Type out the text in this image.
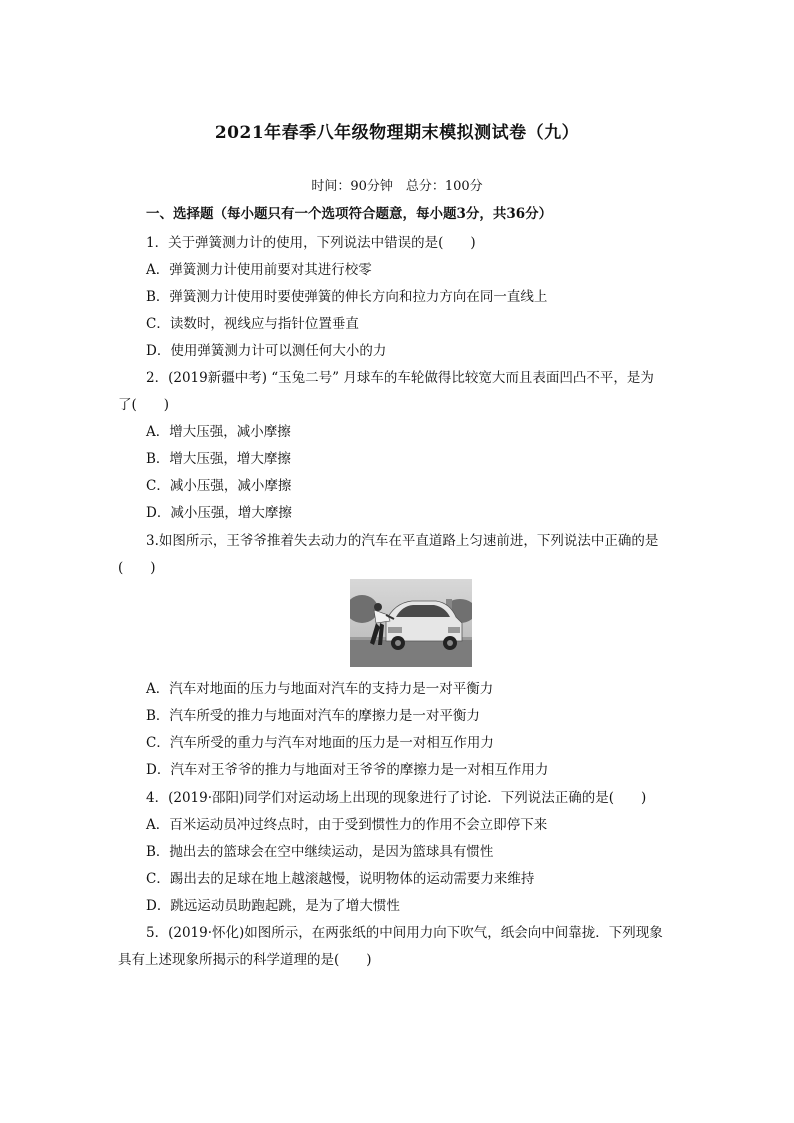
2021年春季八年级物理期末模拟测试卷（九）
时间：90分钟　总分：100分
一、选择题（每小题只有一个选项符合题意，每小题3分，共36分）
1．关于弹簧测力计的使用，下列说法中错误的是(　　)
A．弹簧测力计使用前要对其进行校零
B．弹簧测力计使用时要使弹簧的伸长方向和拉力方向在同一直线上
C．读数时，视线应与指针位置垂直
D．使用弹簧测力计可以测任何大小的力
2．(2019新疆中考) “玉兔二号” 月球车的车轮做得比较宽大而且表面凹凸不平，是为
了(　　)
A．增大压强，减小摩擦
B．增大压强，增大摩擦
C．减小压强，减小摩擦
D．减小压强，增大摩擦
3.如图所示，王爷爷推着失去动力的汽车在平直道路上匀速前进，下列说法中正确的是
(　　)
A．汽车对地面的压力与地面对汽车的支持力是一对平衡力
B．汽车所受的推力与地面对汽车的摩擦力是一对平衡力
C．汽车所受的重力与汽车对地面的压力是一对相互作用力
D．汽车对王爷爷的推力与地面对王爷爷的摩擦力是一对相互作用力
4．(2019·邵阳)同学们对运动场上出现的现象进行了讨论．下列说法正确的是(　　)
A．百米运动员冲过终点时，由于受到惯性力的作用不会立即停下来
B．抛出去的篮球会在空中继续运动，是因为篮球具有惯性
C．踢出去的足球在地上越滚越慢，说明物体的运动需要力来维持
D．跳远运动员助跑起跳，是为了增大惯性
5．(2019·怀化)如图所示，在两张纸的中间用力向下吹气，纸会向中间靠拢．下列现象
具有上述现象所揭示的科学道理的是(　　)
